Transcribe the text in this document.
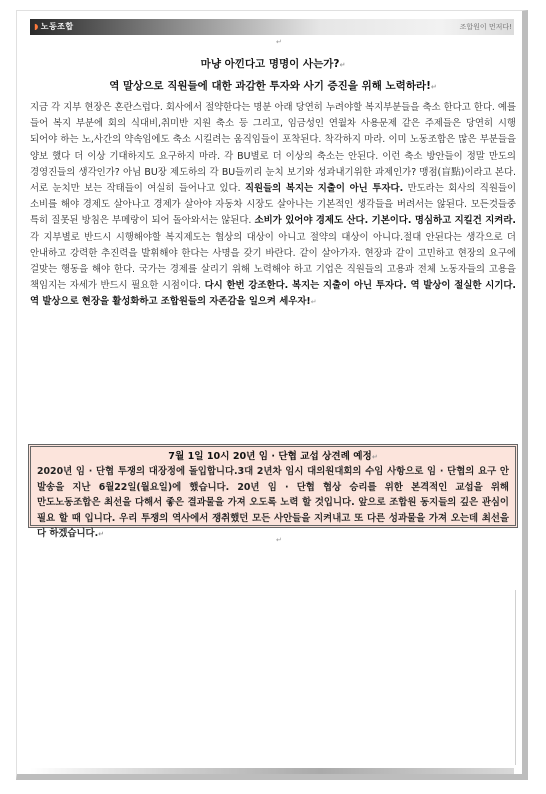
◗ 노동조합	조합원이 먼저다!
↵
마냥 아낀다고 명명이 사는가?↵
역 말상으로 직원들에 대한 과감한 투자와 사기 증진을 위해 노력하라!↵
지금 각 지부 현장은 혼란스럽다. 회사에서 절약한다는 명분 아래 당연히 누려야할 복지부분들을 축소 한다고 한다. 예를 들어 복지 부분에 회의 식대비,취미반 지원 축소 등 그리고, 임금성인 연월차 사용문제 같은 주제들은 당연히 시행 되어야 하는 노,사간의 약속임에도 축소 시킬려는 움직임들이 포착된다. 착각하지 마라. 이미 노동조합은 많은 부분들을 양보 했다 더 이상 기대하지도 요구하지 마라. 각 BU별로 더 이상의 축소는 안된다. 이런 축소 방안들이 정말 만도의 경영진들의 생각인가? 아님 BU장 제도하의 각 BU들끼리 눈치 보기와 성과내기위한 과제인가? 맹점(盲點)이라고 본다. 서로 눈치만 보는 작태들이 여실히 들어나고 있다. 직원들의 복지는 지출이 아닌 투자다. 만도라는 회사의 직원들이 소비를 해야 경제도 살아나고 경제가 살아야 자동차 시장도 살아나는 기본적인 생각들을 버려서는 않된다. 모든것들중 특히 질못된 방침은 부메랑이 되어 돌아와서는 않된다. 소비가 있어야 경제도 산다. 기본이다. 명심하고 지킬건 지켜라.각 지부별로 반드시 시행해야할 복지제도는 협상의 대상이 아니고 절약의 대상이 아니다.절대 안된다는 생각으로 더 안내하고 강력한 추진력을 발휘해야 한다는 사명을 갖기 바란다. 같이 살아가자. 현장과 같이 고민하고 현장의 요구에 걸맞는 행동을 해야 한다. 국가는 경제를 살리기 위해 노력해야 하고 기업은 직원들의 고용과 전체 노동자들의 고용을 책임지는 자세가 반드시 필요한 시점이다. 다시 한번 강조한다. 복지는 지출이 아닌 투자다. 역 발상이 절실한 시기다. 역 발상으로 현장을 활성화하고 조합원들의 자존감을 일으켜 세우자!↵
7월 1일 10시 20년 임 · 단협 교섭 상견례 예정↵
2020년 임 · 단협 투쟁의 대장정에 돌입합니다.3대 2년차 임시 대의원대회의 수임 사항으로 임 · 단협의 요구 안 발송을 지난 6월22일(월요일)에 했습니다. 20년 임 · 단협 협상 승리를 위한 본격적인 교섭을 위해 만도노동조합은 최선을 다해서 좋은 결과물을 가져 오도록 노력 할 것입니다. 앞으로 조합원 동지들의 깊은 관심이 필요 할 때 입니다. 우리 투쟁의 역사에서 쟁취했던 모든 사안들을 지켜내고 또 다른 성과물을 가져 오는데 최선을 다 하겠습니다.↵
↵
